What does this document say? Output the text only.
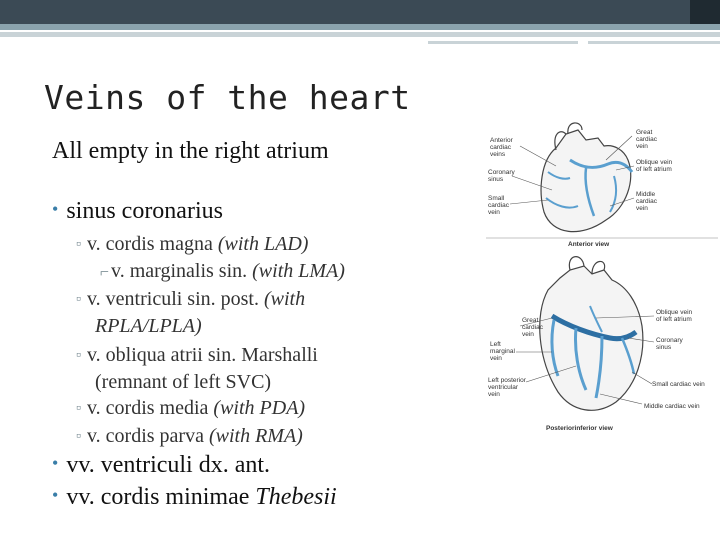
Veins of the heart
All empty in the right atrium
• sinus coronarius
▫ v. cordis magna (with LAD)
⌐ v. marginalis sin. (with LMA)
▫ v. ventriculi sin. post. (with
RPLA/LPLA)
▫ v. obliqua atrii sin. Marshalli
(remnant of left SVC)
▫ v. cordis media (with PDA)
▫ v. cordis parva (with RMA)
• vv. ventriculi dx. ant.
• vv. cordis minimae Thebesii
Anterior
cardiac
veins
Coronary
sinus
Small
cardiac
vein
Great
cardiac
vein
Oblique vein
of left atrium
Middle
cardiac
vein
Anterior view
Great
cardiac
vein
Left
marginal
vein
Left posterior
ventricular
vein
Oblique vein
of left atrium
Coronary
sinus
Small cardiac vein
Middle cardiac vein
Posteriorinferior view
